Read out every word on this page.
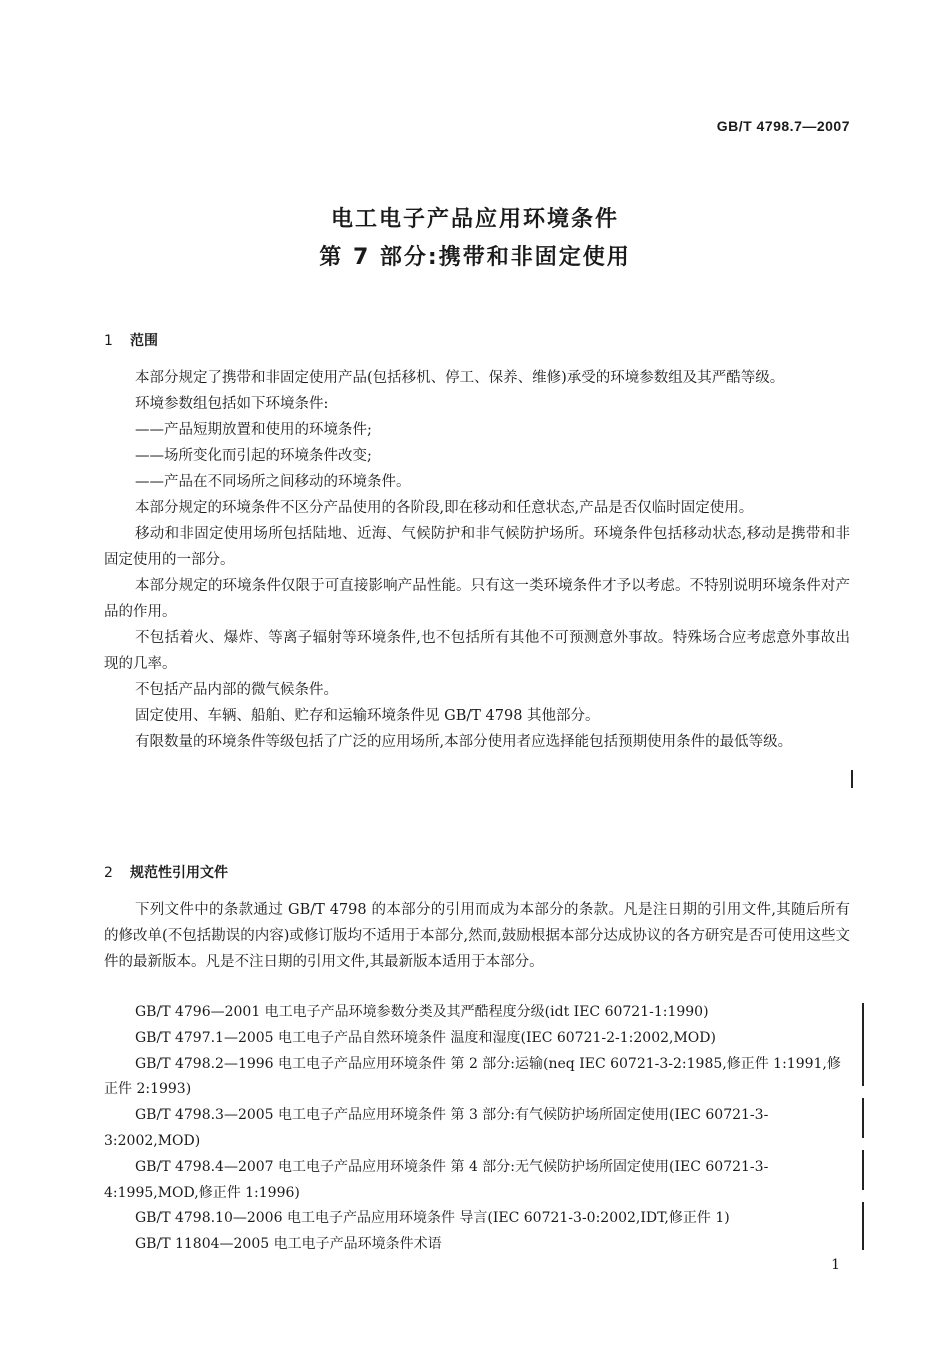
GB/T 4798.7—2007
电工电子产品应用环境条件
第 7 部分:携带和非固定使用
1 范围

本部分规定了携带和非固定使用产品(包括移机、停工、保养、维修)承受的环境参数组及其严酷等级。

环境参数组包括如下环境条件:

——产品短期放置和使用的环境条件;

——场所变化而引起的环境条件改变;

——产品在不同场所之间移动的环境条件。

本部分规定的环境条件不区分产品使用的各阶段,即在移动和任意状态,产品是否仅临时固定使用。

移动和非固定使用场所包括陆地、近海、气候防护和非气候防护场所。环境条件包括移动状态,移动是携带和非固定使用的一部分。

本部分规定的环境条件仅限于可直接影响产品性能。只有这一类环境条件才予以考虑。不特别说明环境条件对产品的作用。

不包括着火、爆炸、等离子辐射等环境条件,也不包括所有其他不可预测意外事故。特殊场合应考虑意外事故出现的几率。

不包括产品内部的微气候条件。

固定使用、车辆、船舶、贮存和运输环境条件见 GB/T 4798 其他部分。

有限数量的环境条件等级包括了广泛的应用场所,本部分使用者应选择能包括预期使用条件的最低等级。

2 规范性引用文件

下列文件中的条款通过 GB/T 4798 的本部分的引用而成为本部分的条款。凡是注日期的引用文件,其随后所有的修改单(不包括勘误的内容)或修订版均不适用于本部分,然而,鼓励根据本部分达成协议的各方研究是否可使用这些文件的最新版本。凡是不注日期的引用文件,其最新版本适用于本部分。

GB/T 4796—2001 电工电子产品环境参数分类及其严酷程度分级(idt IEC 60721-1:1990)

GB/T 4797.1—2005 电工电子产品自然环境条件 温度和湿度(IEC 60721-2-1:2002,MOD)

GB/T 4798.2—1996 电工电子产品应用环境条件 第 2 部分:运输(neq IEC 60721-3-2:1985,修正件 1:1991,修正件 2:1993)

GB/T 4798.3—2005 电工电子产品应用环境条件 第 3 部分:有气候防护场所固定使用(IEC 60721-3-3:2002,MOD)

GB/T 4798.4—2007 电工电子产品应用环境条件 第 4 部分:无气候防护场所固定使用(IEC 60721-3-4:1995,MOD,修正件 1:1996)

GB/T 4798.10—2006 电工电子产品应用环境条件 导言(IEC 60721-3-0:2002,IDT,修正件 1)

GB/T 11804—2005 电工电子产品环境条件术语

1
